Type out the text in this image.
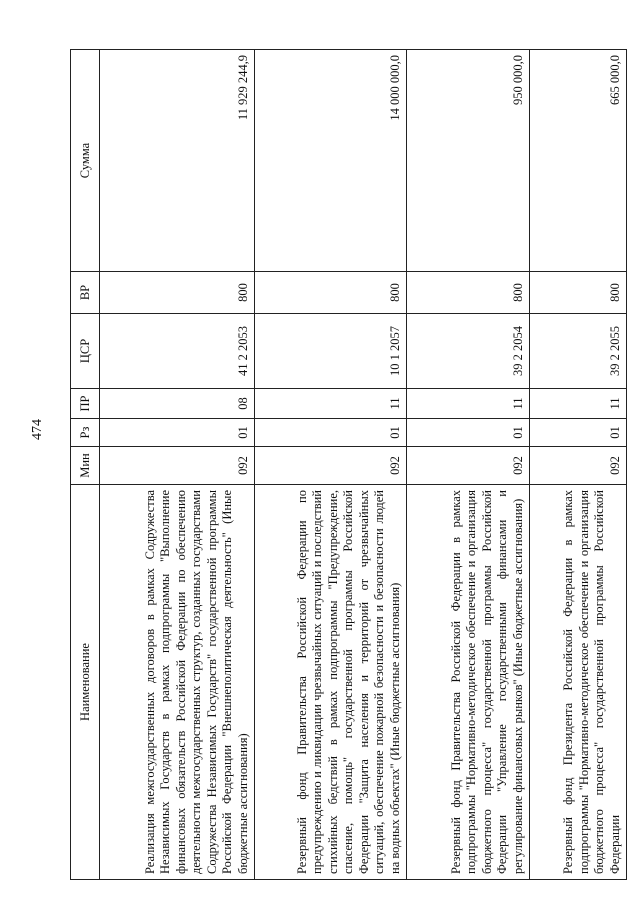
474
Наименование	Мин	Рз	ПР	ЦСР	ВР	Сумма
Реализация межгосударственных договоров в рамках Содружества Независимых Государств в рамках подпрограммы "Выполнение финансовых обязательств Российской Федерации по обеспечению деятельности межгосударственных структур, созданных государствами Содружества Независимых Государств" государственной программы Российской Федерации "Внешнеполитическая деятельность" (Иные бюджетные ассигнования)	092	01	08	41 2 2053	800	11 929 244,9
Резервный фонд Правительства Российской Федерации по предупреждению и ликвидации чрезвычайных ситуаций и последствий стихийных бедствий в рамках подпрограммы "Предупреждение, спасение, помощь" государственной программы Российской Федерации "Защита населения и территорий от чрезвычайных ситуаций, обеспечение пожарной безопасности и безопасности людей на водных объектах" (Иные бюджетные ассигнования)	092	01	11	10 1 2057	800	14 000 000,0
Резервный фонд Правительства Российской Федерации в рамках подпрограммы "Нормативно-методическое обеспечение и организация бюджетного процесса" государственной программы Российской Федерации "Управление государственными финансами и регулирование финансовых рынков" (Иные бюджетные ассигнования)	092	01	11	39 2 2054	800	950 000,0
Резервный фонд Президента Российской Федерации в рамках подпрограммы "Нормативно-методическое обеспечение и организация бюджетного процесса" государственной программы Российской Федерации	092	01	11	39 2 2055	800	665 000,0
